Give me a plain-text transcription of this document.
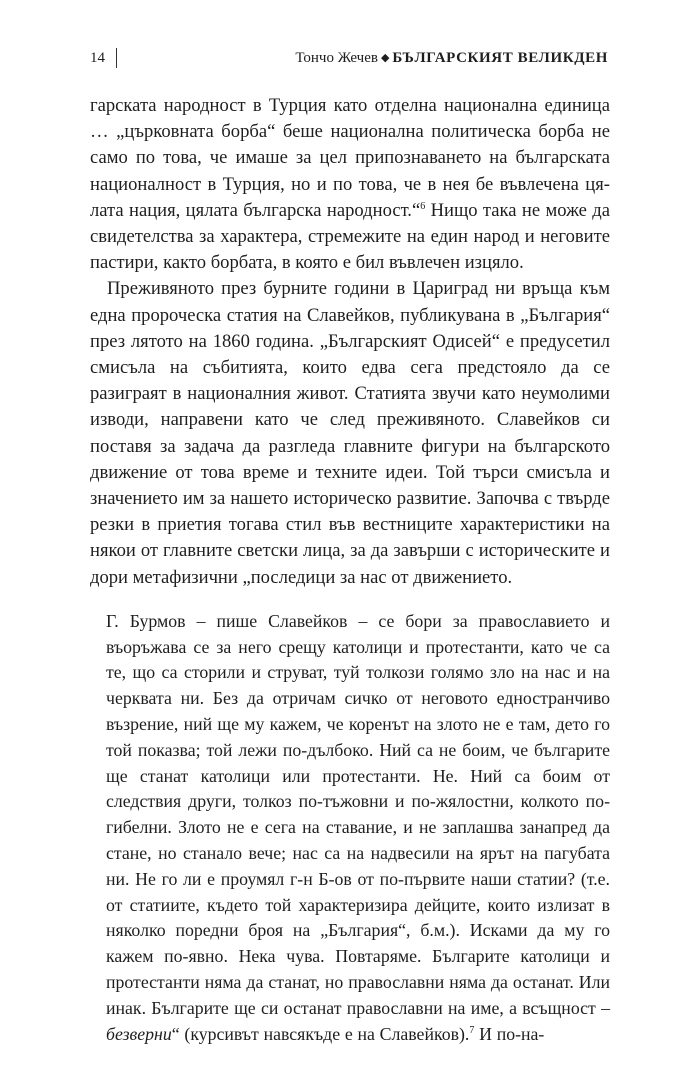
14	Тончо Жечев ◆ БЪЛГАРСКИЯТ ВЕЛИКДЕН

гарската народност в Турция като отделна национална единица … „църковната борба“ беше национална политическа борба не само по това, че имаше за цел припознаването на българската националност в Турция, но и по това, че в нея бе въвлечена цялата нация, цялата българска народност.“$^6$ Нищо така не може да свидетелства за характера, стремежите на един народ и неговите пастири, както борбата, в която е бил въвлечен изцяло.

Преживяното през бурните години в Цариград ни връща към една пророческа статия на Славейков, публикувана в „България“ през лятото на 1860 година. „Българският Одисей“ е предусетил смисъла на събитията, които едва сега предстояло да се разиграят в националния живот. Статията звучи като неумолими изводи, направени като че след преживяното. Славейков си поставя за задача да разгледа главните фигури на българското движение от това време и техните идеи. Той търси смисъла и значението им за нашето историческо развитие. Започва с твърде резки в приетия тогава стил във вестниците характеристики на някои от главните светски лица, за да завърши с историческите и дори метафизични „последици за нас от движението.

Г. Бурмов – пише Славейков – се бори за православието и въоръжава се за него срещу католици и протестанти, като че са те, що са сторили и струват, туй толкози голямо зло на нас и на черквата ни. Без да отричам сичко от неговото едностранчиво възрение, ний ще му кажем, че коренът на злото не е там, дето го той показва; той лежи по-дълбоко. Ний са не боим, че българите ще станат католици или протестанти. Не. Ний са боим от следствия други, толкоз по-тъжовни и по-жялостни, колкото по-гибелни. Злото не е сега на ставание, и не заплашва занапред да стане, но станало вече; нас са на надвесили на ярът на пагубата ни. Не го ли е проумял г-н Б-ов от по-първите наши статии? (т.е. от статиите, където той характеризира дейците, които излизат в няколко поредни броя на „България“, б.м.). Исками да му го кажем по-явно. Нека чува. Повтаряме. Българите католици и протестанти няма да станат, но православни няма да останат. Или инак. Българите ще си останат православни на име, а всъщност – безверни“ (курсивът навсякъде е на Славейков).$^7$ И по-на-
